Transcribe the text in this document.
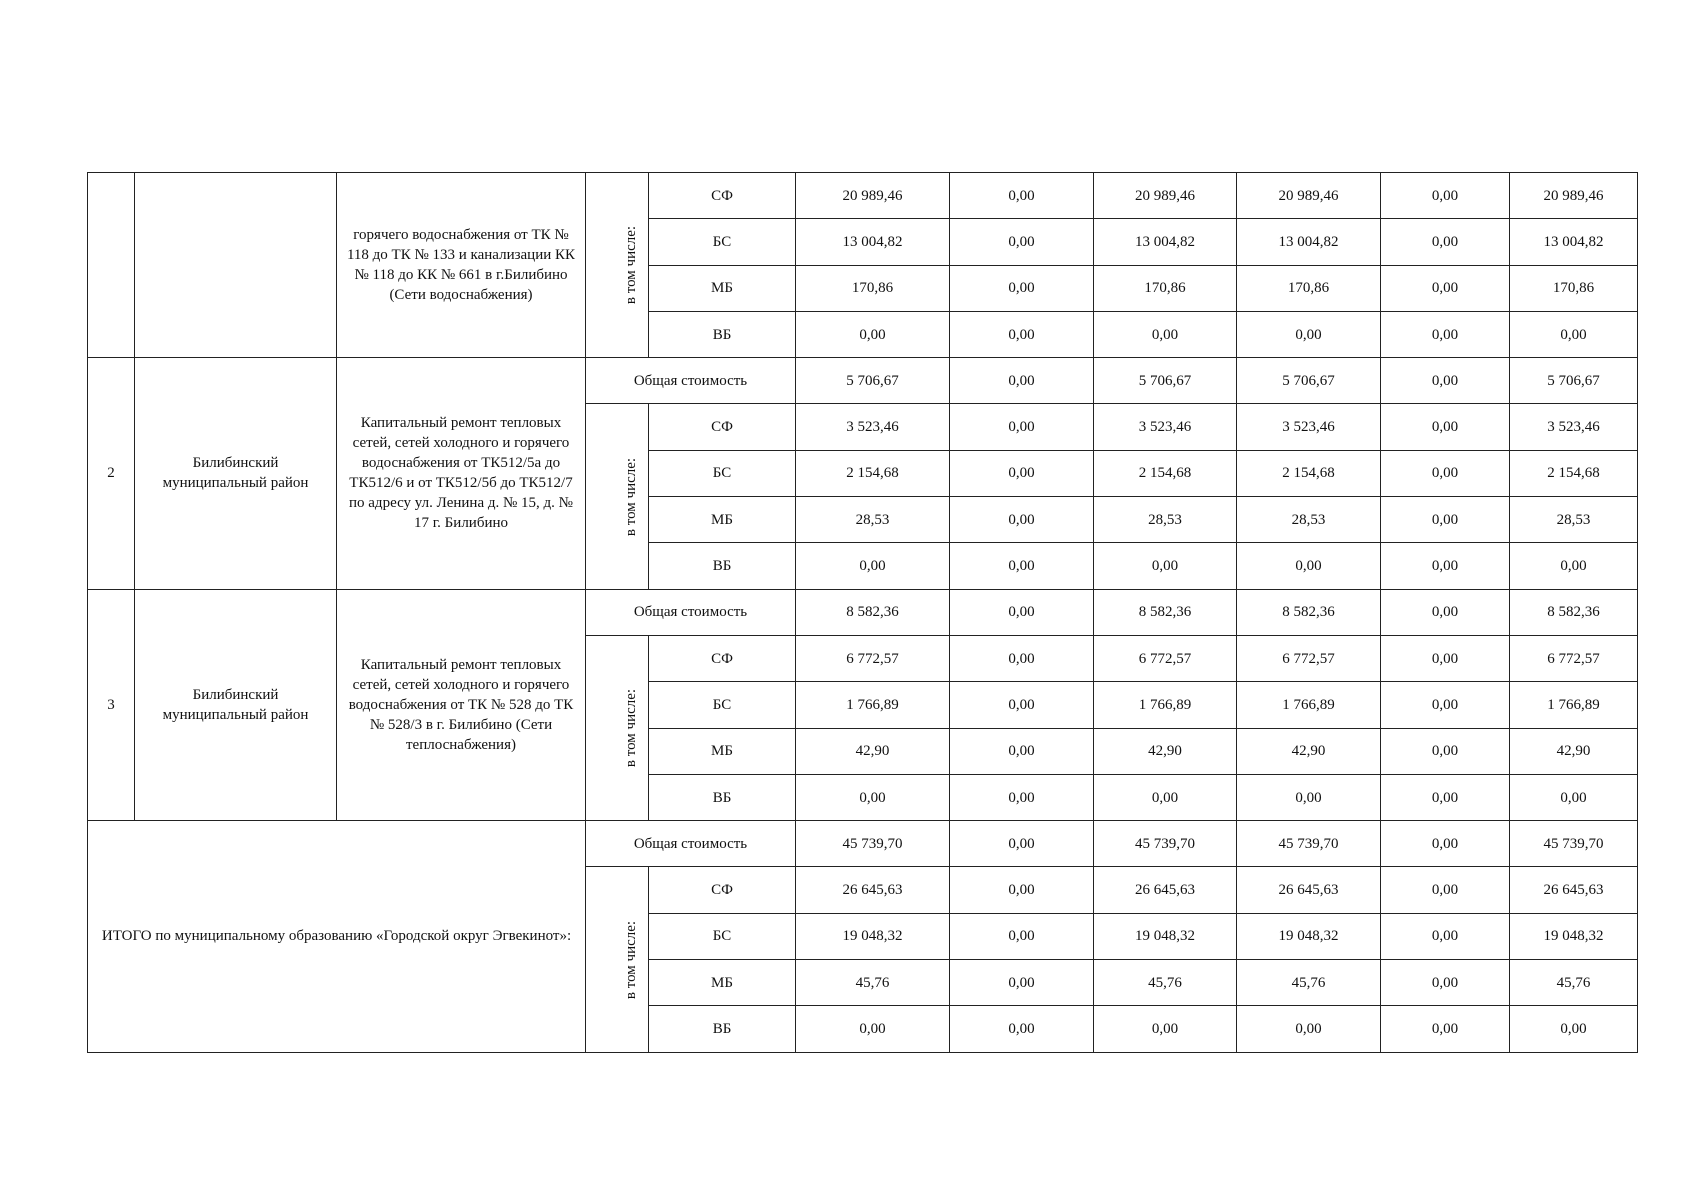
		горячего водоснабжения от ТК № 118 до ТК № 133 и канализации КК № 118 до КК № 661 в г.Билибино (Сети водоснабжения)	в том числе:	СФ	20 989,46	0,00	20 989,46	20 989,46	0,00	20 989,46
				БС	13 004,82	0,00	13 004,82	13 004,82	0,00	13 004,82
				МБ	170,86	0,00	170,86	170,86	0,00	170,86
				ВБ	0,00	0,00	0,00	0,00	0,00	0,00
2	Билибинский муниципальный район	Капитальный ремонт тепловых сетей, сетей холодного и горячего водоснабжения от ТК512/5а до ТК512/6 и от ТК512/5б до ТК512/7 по адресу ул. Ленина д. № 15, д. № 17 г. Билибино	Общая стоимость		5 706,67	0,00	5 706,67	5 706,67	0,00	5 706,67
			в том числе:	СФ	3 523,46	0,00	3 523,46	3 523,46	0,00	3 523,46
				БС	2 154,68	0,00	2 154,68	2 154,68	0,00	2 154,68
				МБ	28,53	0,00	28,53	28,53	0,00	28,53
				ВБ	0,00	0,00	0,00	0,00	0,00	0,00
3	Билибинский муниципальный район	Капитальный ремонт тепловых сетей, сетей холодного и горячего водоснабжения от ТК № 528 до ТК № 528/3 в г. Билибино (Сети теплоснабжения)	Общая стоимость		8 582,36	0,00	8 582,36	8 582,36	0,00	8 582,36
			в том числе:	СФ	6 772,57	0,00	6 772,57	6 772,57	0,00	6 772,57
				БС	1 766,89	0,00	1 766,89	1 766,89	0,00	1 766,89
				МБ	42,90	0,00	42,90	42,90	0,00	42,90
				ВБ	0,00	0,00	0,00	0,00	0,00	0,00
ИТОГО по муниципальному образованию «Городской округ Эгвекинот»:			Общая стоимость		45 739,70	0,00	45 739,70	45 739,70	0,00	45 739,70
			в том числе:	СФ	26 645,63	0,00	26 645,63	26 645,63	0,00	26 645,63
				БС	19 048,32	0,00	19 048,32	19 048,32	0,00	19 048,32
				МБ	45,76	0,00	45,76	45,76	0,00	45,76
				ВБ	0,00	0,00	0,00	0,00	0,00	0,00
